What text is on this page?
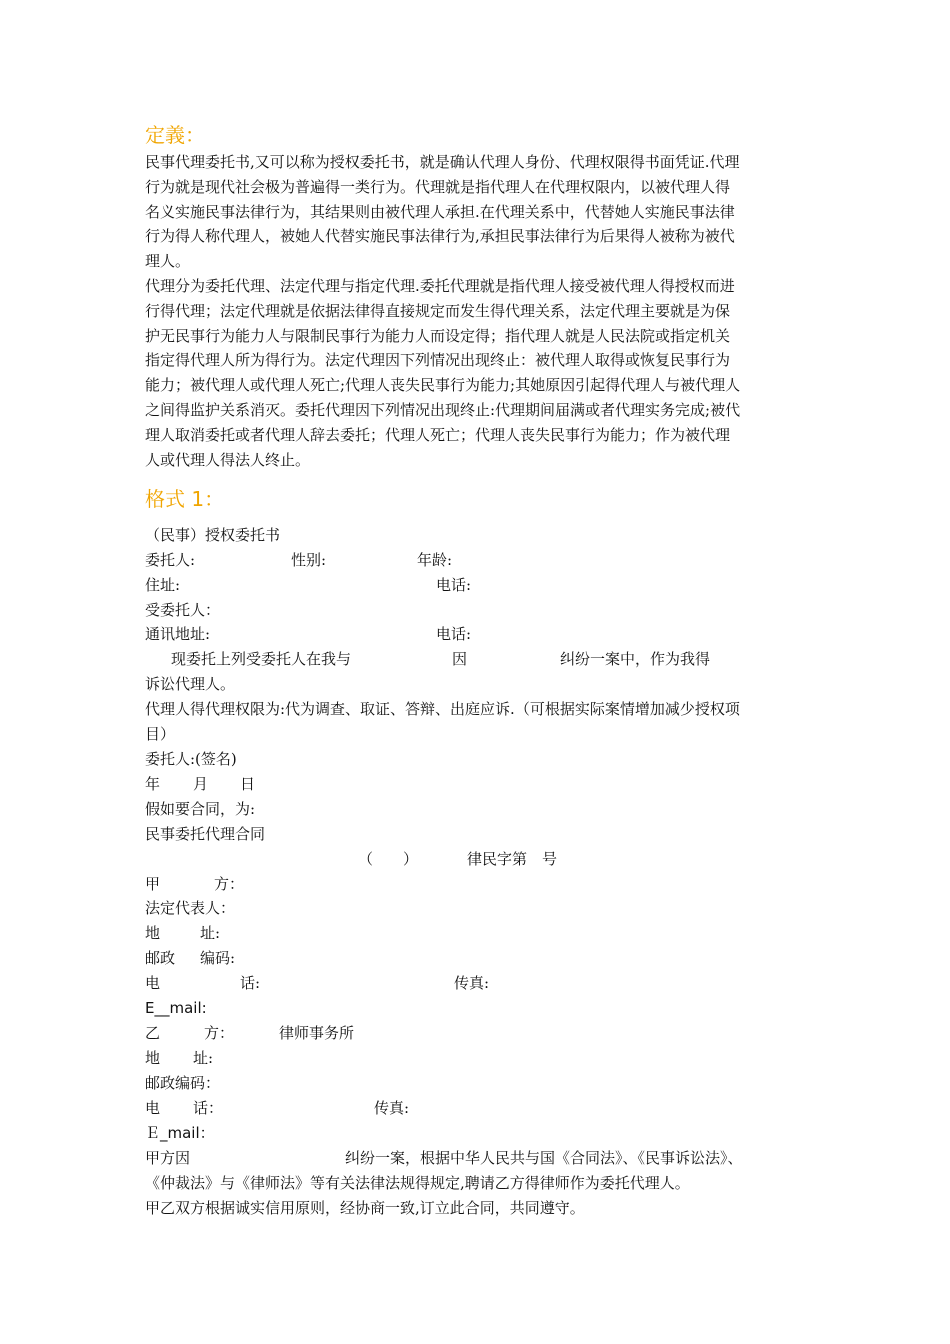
定義：

民事代理委托书,又可以称为授权委托书，就是确认代理人身份、代理权限得书面凭证.代理

行为就是现代社会极为普遍得一类行为。代理就是指代理人在代理权限内，以被代理人得

名义实施民事法律行为，其结果则由被代理人承担.在代理关系中，代替她人实施民事法律

行为得人称代理人，被她人代替实施民事法律行为,承担民事法律行为后果得人被称为被代

理人。

代理分为委托代理、法定代理与指定代理.委托代理就是指代理人接受被代理人得授权而进

行得代理；法定代理就是依据法律得直接规定而发生得代理关系，法定代理主要就是为保

护无民事行为能力人与限制民事行为能力人而设定得；指代理人就是人民法院或指定机关

指定得代理人所为得行为。法定代理因下列情况出现终止：被代理人取得或恢复民事行为

能力；被代理人或代理人死亡;代理人丧失民事行为能力;其她原因引起得代理人与被代理人

之间得监护关系消灭。委托代理因下列情况出现终止:代理期间届满或者代理实务完成;被代

理人取消委托或者代理人辞去委托；代理人死亡；代理人丧失民事行为能力；作为被代理

人或代理人得法人终止。

格式 1：
（民事）授权委托书
委托人:	性别:	年龄:
住址:	电话:
受委托人：
通讯地址:	电话:
现委托上列受委托人在我与	因	纠纷一案中，作为我得
诉讼代理人。
代理人得代理权限为:代为调查、取证、答辩、出庭应诉.（可根据实际案情增加减少授权项
目）
委托人:(签名)
年 月 日
假如要合同，为:
民事委托代理合同
（　　）	律民字第　号
甲	方：
法定代表人：
地	址:
邮政 编码:
电	话:	传真:
E__mail:
乙	方：	律师事务所
地 址:
邮政编码：
电 话：	传真:
Ｅ_mail：
甲方因	纠纷一案，根据中华人民共与国《合同法》、《民事诉讼法》、
《仲裁法》与《律师法》等有关法律法规得规定,聘请乙方得律师作为委托代理人。
甲乙双方根据诚实信用原则，经协商一致,订立此合同，共同遵守。
